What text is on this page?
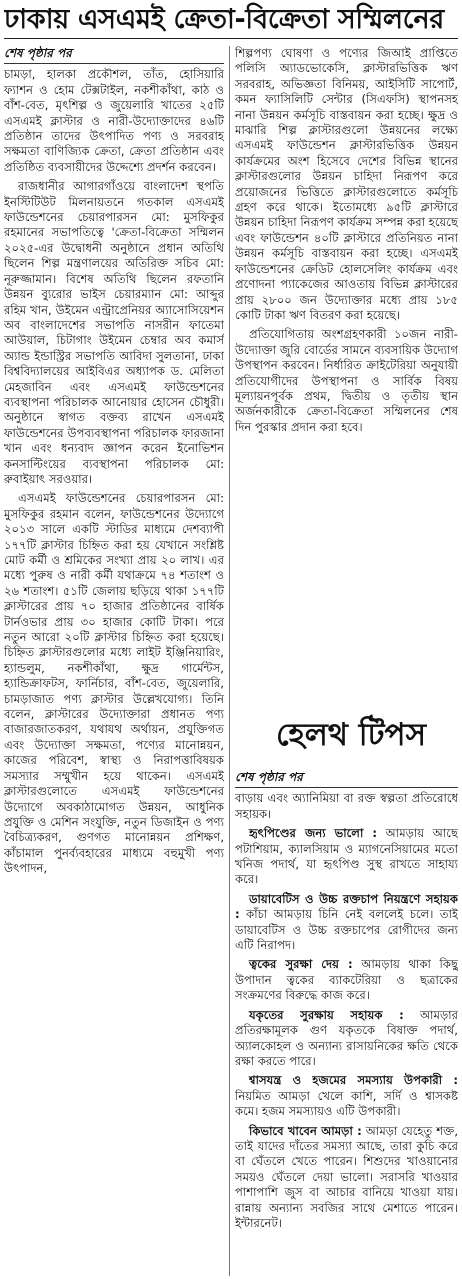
ঢাকায় এসএমই ক্রেতা-বিক্রেতা সম্মিলনের
শেষ পৃষ্ঠার পর

চামড়া, হালকা প্রকৌশল, তাঁত, হোসিয়ারি ফ্যাশন ও হোম টেক্সটাইল, নকশীকাঁথা, কাঠ ও বাঁশ-বেত, মৃৎশিল্প ও জুয়েলারি খাতের ২৫টি এসএমই ক্লাস্টার ও নারী-উদ্যোক্তাদের ৪৬টি প্রতিষ্ঠান তাদের উৎপাদিত পণ্য ও সরবরাহ সক্ষমতা বাণিজ্যিক ক্রেতা, ক্রেতা প্রতিষ্ঠান এবং প্রতিষ্ঠিত ব্যবসায়ীদের উদ্দেশ্যে প্রদর্শন করবেন।

রাজধানীর আগারগাঁওয়ে বাংলাদেশ স্থপতি ইনস্টিটিউট মিলনায়তনে গতকাল এসএমই ফাউন্ডেশনের চেয়ারপারসন মো: মুসফিকুর রহমানের সভাপতিত্বে 'ক্রেতা-বিক্রেতা সম্মিলন ২০২৫-এর উদ্বোধনী অনুষ্ঠানে প্রধান অতিথি ছিলেন শিল্প মন্ত্রণালয়ের অতিরিক্ত সচিব মো: নূরুজ্জামান। বিশেষ অতিথি ছিলেন রফতানি উন্নয়ন ব্যুরোর ভাইস চেয়ারম্যান মো: আব্দুর রহিম খান, উইমেন এন্ট্রাপ্রেনিয়র অ্যাসোসিয়েশন অব বাংলাদেশের সভাপতি নাসরীন ফাতেমা আউয়াল, চিটাগাং উইমেন চেম্বার অব কমার্স অ্যান্ড ইন্ডাস্ট্রির সভাপতি আবিদা সুলতানা, ঢাকা বিশ্ববিদ্যালয়ের আইবিএর অধ্যাপক ড. মেলিতা মেহজাবিন এবং এসএমই ফাউন্ডেশনের ব্যবস্থাপনা পরিচালক আনোয়ার হোসেন চৌধুরী। অনুষ্ঠানে স্বাগত বক্তব্য রাখেন এসএমই ফাউন্ডেশনের উপব্যবস্থাপনা পরিচালক ফারজানা খান এবং ধন্যবাদ জ্ঞাপন করেন ইনোভিশন কনসাল্টিংয়ের ব্যবস্থাপনা পরিচালক মো: রুবাইয়াৎ সরওয়ার।

এসএমই ফাউন্ডেশনের চেয়ারপারসন মো: মুসফিকুর রহমান বলেন, ফাউন্ডেশনের উদ্যোগে ২০১৩ সালে একটি স্টাডির মাধ্যমে দেশব্যাপী ১৭৭টি ক্লাস্টার চিহ্নিত করা হয় যেখানে সংশ্লিষ্ট মোট কর্মী ও শ্রমিকের সংখ্যা প্রায় ২০ লাখ। এর মধ্যে পুরুষ ও নারী কর্মী যথাক্রমে ৭৪ শতাংশ ও ২৬ শতাংশ। ৫১টি জেলায় ছড়িয়ে থাকা ১৭৭টি ক্লাস্টারের প্রায় ৭০ হাজার প্রতিষ্ঠানের বার্ষিক টার্নওভার প্রায় ৩০ হাজার কোটি টাকা। পরে নতুন আরো ২০টি ক্লাস্টার চিহ্নিত করা হয়েছে। চিহ্নিত ক্লাস্টারগুলোর মধ্যে লাইট ইঞ্জিনিয়ারিং, হ্যান্ডলুম, নকশীকাঁথা, ক্ষুদ্র গার্মেন্টস, হ্যান্ডিক্রাফটস, ফার্নিচার, বাঁশ-বেত, জুয়েলারি, চামড়াজাত পণ্য ক্লাস্টার উল্লেখযোগ্য। তিনি বলেন, ক্লাস্টারের উদ্যোক্তারা প্রধানত পণ্য বাজারজাতকরণ, যথাযথ অর্থায়ন, প্রযুক্তিগত এবং উদ্যোক্তা সক্ষমতা, পণ্যের মানোন্নয়ন, কাজের পরিবেশ, স্বাস্থ্য ও নিরাপত্তাবিষয়ক সমস্যার সম্মুখীন হয়ে থাকেন। এসএমই ক্লাস্টারগুলোতে এসএমই ফাউন্ডেশনের উদ্যোগে অবকাঠামোগত উন্নয়ন, আধুনিক প্রযুক্তি ও মেশিন সংযুক্তি, নতুন ডিজাইন ও পণ্য বৈচিত্র্যকরণ, গুণগত মানোন্নয়ন প্রশিক্ষণ, কাঁচামাল পুনর্ব্যবহারের মাধ্যমে বহুমুখী পণ্য উৎপাদন,

শিল্পপণ্য ঘোষণা ও পণ্যের জিআই প্রাপ্তিতে পলিসি অ্যাডভোকেসি, ক্লাস্টারভিত্তিক ঋণ সরবরাহ, অভিজ্ঞতা বিনিময়, আইসিটি সাপোর্ট, কমন ফ্যাসিলিটি সেন্টার (সিএফসি) স্থাপনসহ নানা উন্নয়ন কর্মসূচি বাস্তবায়ন করা হচ্ছে। ক্ষুদ্র ও মাঝারি শিল্প ক্লাস্টারগুলো উন্নয়নের লক্ষ্যে এসএমই ফাউন্ডেশন ক্লাস্টারভিত্তিক উন্নয়ন কার্যক্রমের অংশ হিসেবে দেশের বিভিন্ন স্থানের ক্লাস্টারগুলোর উন্নয়ন চাহিদা নিরূপণ করে প্রয়োজনের ভিত্তিতে ক্লাস্টারগুলোতে কর্মসূচি গ্রহণ করে থাকে। ইতোমধ্যে ৯৫টি ক্লাস্টারে উন্নয়ন চাহিদা নিরূপণ কার্যক্রম সম্পন্ন করা হয়েছে এবং ফাউন্ডেশন ৪০টি ক্লাস্টারে প্রতিনিয়ত নানা উন্নয়ন কর্মসূচি বাস্তবায়ন করা হচ্ছে। এসএমই ফাউন্ডেশনের ক্রেডিট হোলসেলিং কার্যক্রম এবং প্রণোদনা প্যাকেজের আওতায় বিভিন্ন ক্লাস্টারের প্রায় ২৮০০ জন উদ্যোক্তার মধ্যে প্রায় ১৮৫ কোটি টাকা ঋণ বিতরণ করা হয়েছে।

প্রতিযোগিতায় অংশগ্রহণকারী ১০জন নারী-উদ্যোক্তা জুরি বোর্ডের সামনে ব্যবসায়িক উদ্যোগ উপস্থাপন করবেন। নির্ধারিত ক্রাইটেরিয়া অনুযায়ী প্রতিযোগীদের উপস্থাপনা ও সার্বিক বিষয় মূল্যায়নপূর্বক প্রথম, দ্বিতীয় ও তৃতীয় স্থান অর্জনকারীকে ক্রেতা-বিক্রেতা সম্মিলনের শেষ দিন পুরস্কার প্রদান করা হবে।

হেলথ টিপস
শেষ পৃষ্ঠার পর

বাড়ায় এবং অ্যানিমিয়া বা রক্ত স্বল্পতা প্রতিরোধে সহায়ক।

হৃৎপিণ্ডের জন্য ভালো : আমড়ায় আছে পটাশিয়াম, ক্যালসিয়াম ও ম্যাগনেসিয়ামের মতো খনিজ পদার্থ, যা হৃৎপিণ্ড সুস্থ রাখতে সাহায্য করে।

ডায়াবেটিস ও উচ্চ রক্তচাপ নিয়ন্ত্রণে সহায়ক : কাঁচা আমড়ায় চিনি নেই বললেই চলে। তাই ডায়াবেটিস ও উচ্চ রক্তচাপের রোগীদের জন্য এটি নিরাপদ।

ত্বকের সুরক্ষা দেয় : আমড়ায় থাকা কিছু উপাদান ত্বকের ব্যাকটেরিয়া ও ছত্রাকের সংক্রমণের বিরুদ্ধে কাজ করে।

যকৃতের সুরক্ষায় সহায়ক : আমড়ার প্রতিরক্ষামূলক গুণ যকৃতকে বিষাক্ত পদার্থ, অ্যালকোহল ও অন্যান্য রাসায়নিকের ক্ষতি থেকে রক্ষা করতে পারে।

শ্বাসযন্ত্র ও হজমের সমস্যায় উপকারী : নিয়মিত আমড়া খেলে কাশি, সর্দি ও শ্বাসকষ্ট কমে। হজম সমস্যায়ও এটি উপকারী।

কিভাবে খাবেন আমড়া : আমড়া যেহেতু শক্ত, তাই যাদের দাঁতের সমস্যা আছে, তারা কুচি করে বা ঘেঁতলে খেতে পারেন। শিশুদের খাওয়ানোর সময়ও ঘেঁতলে দেয়া ভালো। সরাসরি খাওয়ার পাশাপাশি জুস বা আচার বানিয়ে খাওয়া যায়। রান্নায় অন্যান্য সবজির সাথে মেশাতে পারেন। ইন্টারনেট।
